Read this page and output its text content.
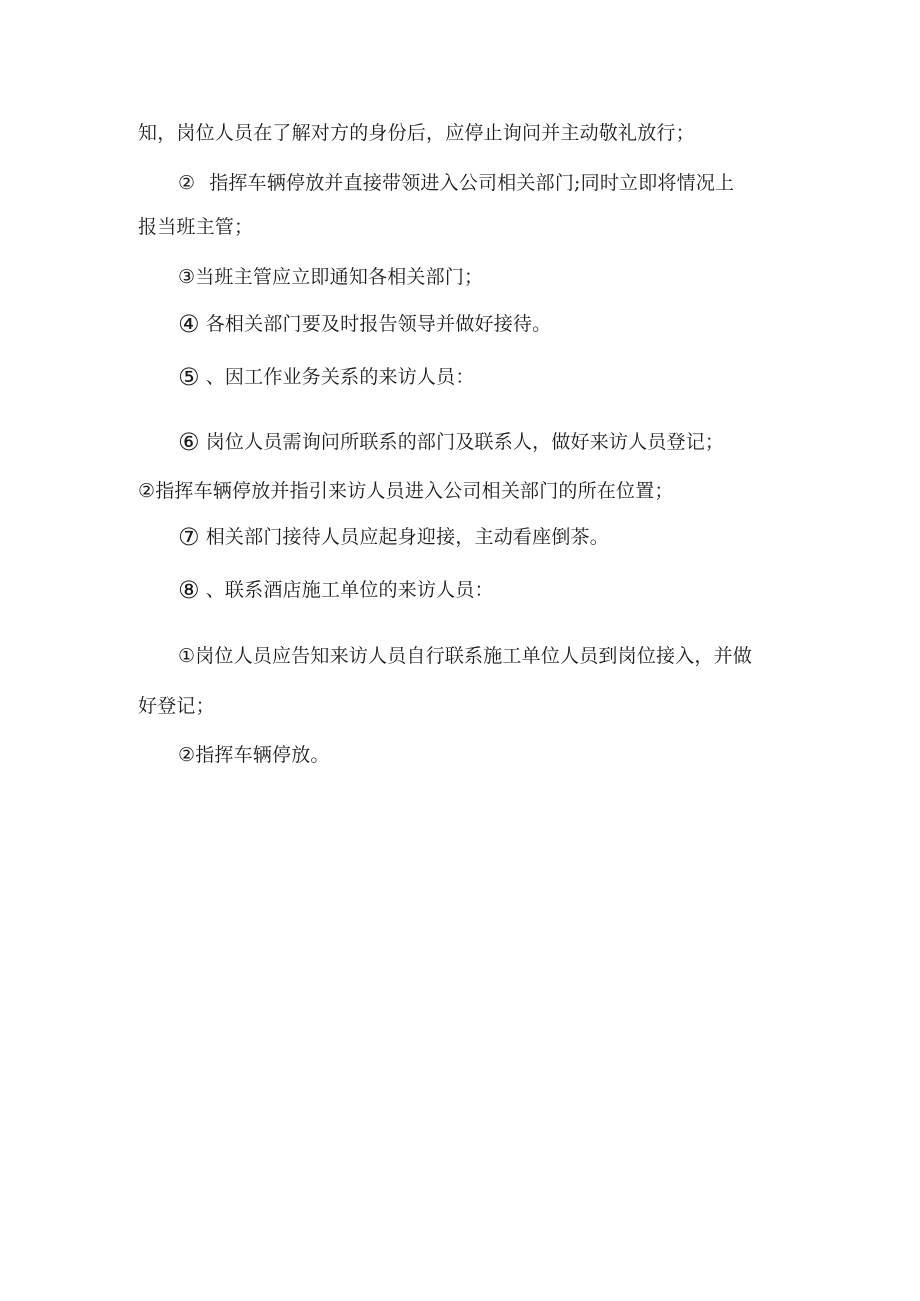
知，岗位人员在了解对方的身份后，应停止询问并主动敬礼放行；
② 指挥车辆停放并直接带领进入公司相关部门;同时立即将情况上
报当班主管；
③当班主管应立即通知各相关部门；
④ 各相关部门要及时报告领导并做好接待。
⑤ 、因工作业务关系的来访人员：
⑥ 岗位人员需询问所联系的部门及联系人，做好来访人员登记；
②指挥车辆停放并指引来访人员进入公司相关部门的所在位置；
⑦ 相关部门接待人员应起身迎接，主动看座倒茶。
⑧ 、联系酒店施工单位的来访人员：
①岗位人员应告知来访人员自行联系施工单位人员到岗位接入，并做
好登记；
②指挥车辆停放。
